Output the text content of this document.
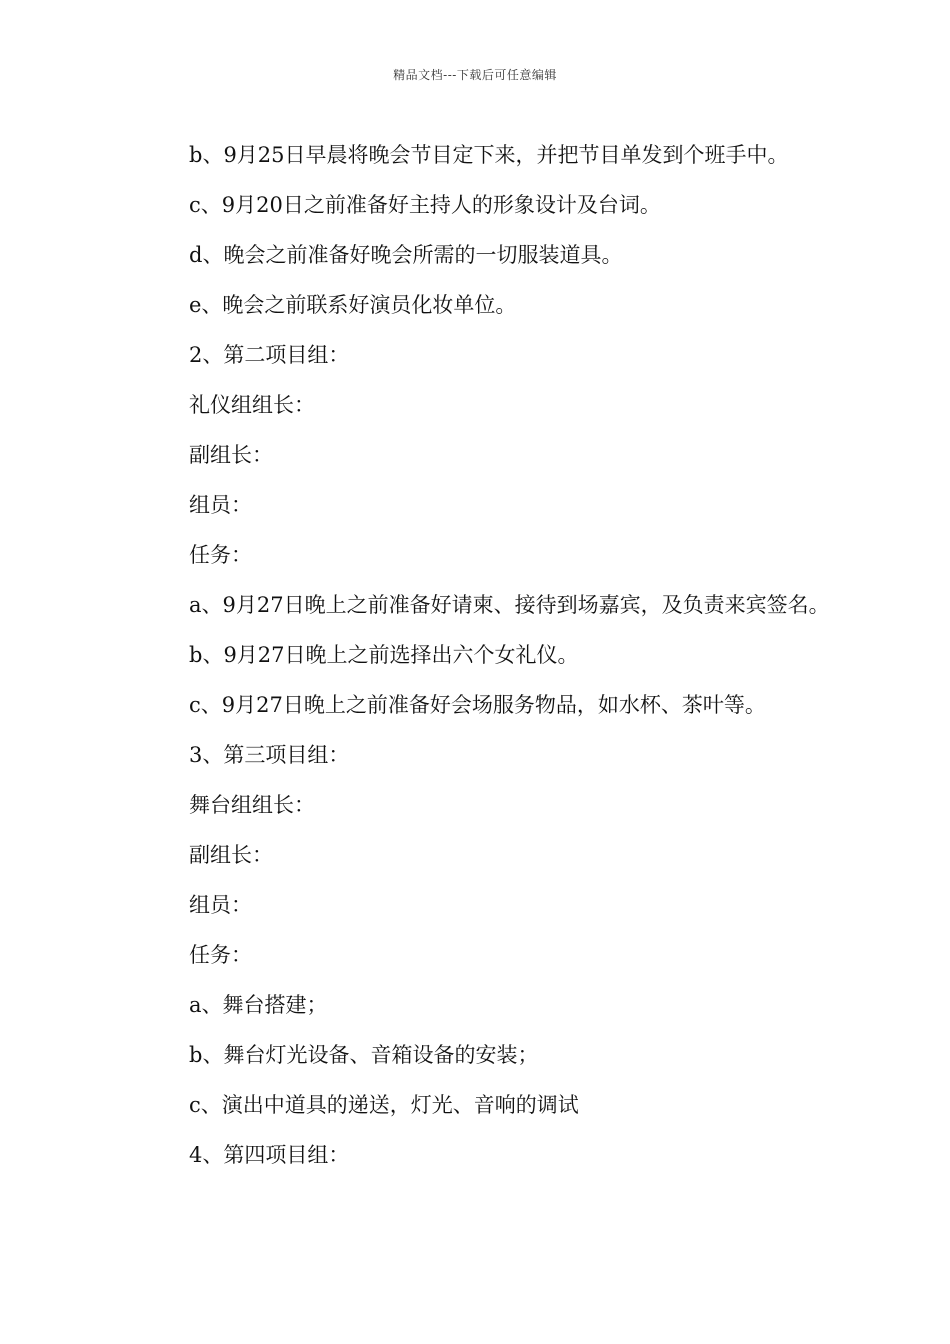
精品文档---下载后可任意编辑

b、9月25日早晨将晚会节目定下来，并把节目单发到个班手中。

c、9月20日之前准备好主持人的形象设计及台词。

d、晚会之前准备好晚会所需的一切服装道具。

e、晚会之前联系好演员化妆单位。

2、第二项目组：

礼仪组组长：

副组长：

组员：

任务：

a、9月27日晚上之前准备好请柬、接待到场嘉宾，及负责来宾签名。

b、9月27日晚上之前选择出六个女礼仪。

c、9月27日晚上之前准备好会场服务物品，如水杯、茶叶等。

3、第三项目组：

舞台组组长：

副组长：

组员：

任务：

a、舞台搭建；

b、舞台灯光设备、音箱设备的安装；

c、演出中道具的递送，灯光、音响的调试

4、第四项目组：
